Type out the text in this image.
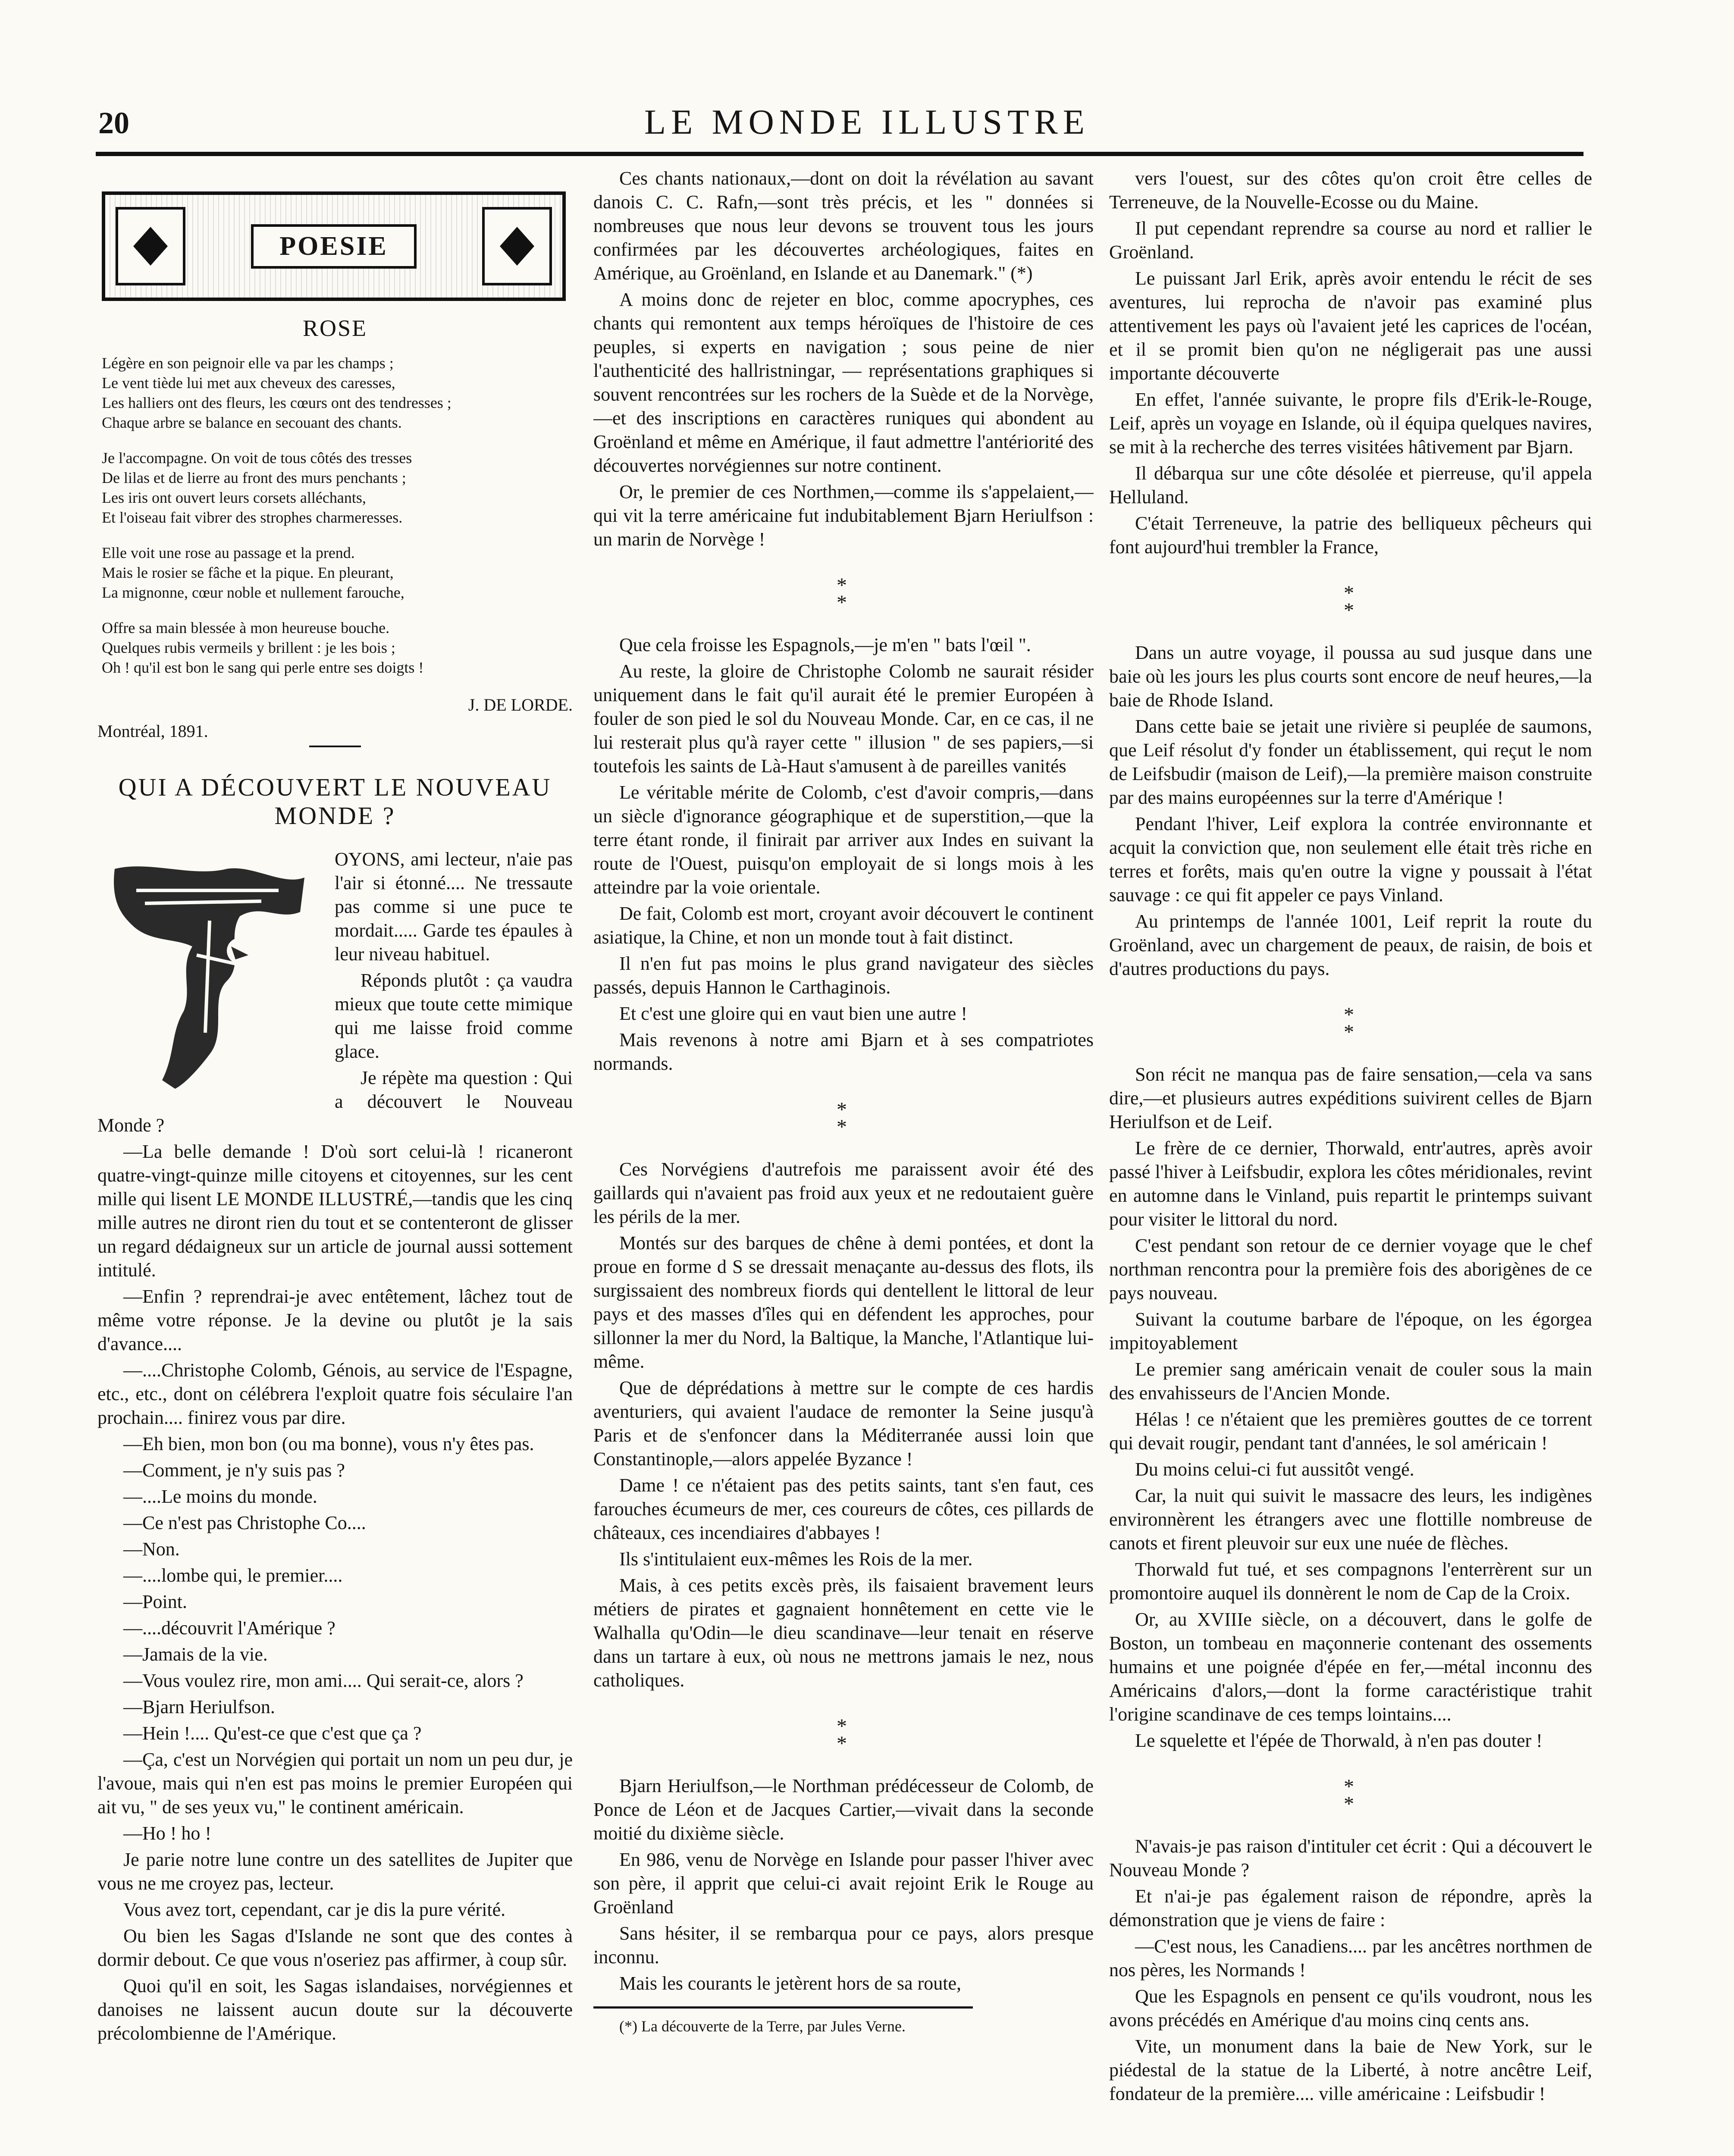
20	LE MONDE ILLUSTRE
POESIE
ROSE
Légère en son peignoir elle va par les champs ;
Le vent tiède lui met aux cheveux des caresses,
Les halliers ont des fleurs, les cœurs ont des tendresses ;
Chaque arbre se balance en secouant des chants.
Je l'accompagne. On voit de tous côtés des tresses
De lilas et de lierre au front des murs penchants ;
Les iris ont ouvert leurs corsets alléchants,
Et l'oiseau fait vibrer des strophes charmeresses.
Elle voit une rose au passage et la prend.
Mais le rosier se fâche et la pique. En pleurant,
La mignonne, cœur noble et nullement farouche,
Offre sa main blessée à mon heureuse bouche.
Quelques rubis vermeils y brillent : je les bois ;
Oh ! qu'il est bon le sang qui perle entre ses doigts !

J. DE LORDE.

Montréal, 1891.

QUI A DÉCOUVERT LE NOUVEAU MONDE ?

OYONS, ami lecteur, n'aie pas l'air si étonné.... Ne tressaute pas comme si une puce te mordait..... Garde tes épaules à leur niveau habituel.

Réponds plutôt : ça vaudra mieux que toute cette mimique qui me laisse froid comme glace.

Je répète ma question : Qui a découvert le Nouveau Monde ?

—La belle demande ! D'où sort celui-là ! ricaneront quatre-vingt-quinze mille citoyens et citoyennes, sur les cent mille qui lisent LE MONDE ILLUSTRÉ,—tandis que les cinq mille autres ne diront rien du tout et se contenteront de glisser un regard dédaigneux sur un article de journal aussi sottement intitulé.

—Enfin ? reprendrai-je avec entêtement, lâchez tout de même votre réponse. Je la devine ou plutôt je la sais d'avance....

—....Christophe Colomb, Génois, au service de l'Espagne, etc., etc., dont on célébrera l'exploit quatre fois séculaire l'an prochain.... finirez vous par dire.

—Eh bien, mon bon (ou ma bonne), vous n'y êtes pas.

—Comment, je n'y suis pas ?

—....Le moins du monde.

—Ce n'est pas Christophe Co....

—Non.

—....lombe qui, le premier....

—Point.

—....découvrit l'Amérique ?

—Jamais de la vie.

—Vous voulez rire, mon ami.... Qui serait-ce, alors ?

—Bjarn Heriulfson.

—Hein !.... Qu'est-ce que c'est que ça ?

—Ça, c'est un Norvégien qui portait un nom un peu dur, je l'avoue, mais qui n'en est pas moins le premier Européen qui ait vu, " de ses yeux vu," le continent américain.

—Ho ! ho !

Je parie notre lune contre un des satellites de Jupiter que vous ne me croyez pas, lecteur.

Vous avez tort, cependant, car je dis la pure vérité.

Ou bien les Sagas d'Islande ne sont que des contes à dormir debout. Ce que vous n'oseriez pas affirmer, à coup sûr.

Quoi qu'il en soit, les Sagas islandaises, norvégiennes et danoises ne laissent aucun doute sur la découverte précolombienne de l'Amérique.

Ces chants nationaux,—dont on doit la révélation au savant danois C. C. Rafn,—sont très précis, et les " données si nombreuses que nous leur devons se trouvent tous les jours confirmées par les découvertes archéologiques, faites en Amérique, au Groënland, en Islande et au Danemark." (*)

A moins donc de rejeter en bloc, comme apocryphes, ces chants qui remontent aux temps héroïques de l'histoire de ces peuples, si experts en navigation ; sous peine de nier l'authenticité des hallristningar, — représentations graphiques si souvent rencontrées sur les rochers de la Suède et de la Norvège,—et des inscriptions en caractères runiques qui abondent au Groënland et même en Amérique, il faut admettre l'antériorité des découvertes norvégiennes sur notre continent.

Or, le premier de ces Northmen,—comme ils s'appelaient,—qui vit la terre américaine fut indubitablement Bjarn Heriulfson : un marin de Norvège !

*
*

Que cela froisse les Espagnols,—je m'en " bats l'œil ".

Au reste, la gloire de Christophe Colomb ne saurait résider uniquement dans le fait qu'il aurait été le premier Européen à fouler de son pied le sol du Nouveau Monde. Car, en ce cas, il ne lui resterait plus qu'à rayer cette " illusion " de ses papiers,—si toutefois les saints de Là-Haut s'amusent à de pareilles vanités

Le véritable mérite de Colomb, c'est d'avoir compris,—dans un siècle d'ignorance géographique et de superstition,—que la terre étant ronde, il finirait par arriver aux Indes en suivant la route de l'Ouest, puisqu'on employait de si longs mois à les atteindre par la voie orientale.

De fait, Colomb est mort, croyant avoir découvert le continent asiatique, la Chine, et non un monde tout à fait distinct.

Il n'en fut pas moins le plus grand navigateur des siècles passés, depuis Hannon le Carthaginois.

Et c'est une gloire qui en vaut bien une autre !

Mais revenons à notre ami Bjarn et à ses compatriotes normands.

*
*

Ces Norvégiens d'autrefois me paraissent avoir été des gaillards qui n'avaient pas froid aux yeux et ne redoutaient guère les périls de la mer.

Montés sur des barques de chêne à demi pontées, et dont la proue en forme d S se dressait menaçante au-dessus des flots, ils surgissaient des nombreux fiords qui dentellent le littoral de leur pays et des masses d'îles qui en défendent les approches, pour sillonner la mer du Nord, la Baltique, la Manche, l'Atlantique lui-même.

Que de déprédations à mettre sur le compte de ces hardis aventuriers, qui avaient l'audace de remonter la Seine jusqu'à Paris et de s'enfoncer dans la Méditerranée aussi loin que Constantinople,—alors appelée Byzance !

Dame ! ce n'étaient pas des petits saints, tant s'en faut, ces farouches écumeurs de mer, ces coureurs de côtes, ces pillards de châteaux, ces incendiaires d'abbayes !

Ils s'intitulaient eux-mêmes les Rois de la mer.

Mais, à ces petits excès près, ils faisaient bravement leurs métiers de pirates et gagnaient honnêtement en cette vie le Walhalla qu'Odin—le dieu scandinave—leur tenait en réserve dans un tartare à eux, où nous ne mettrons jamais le nez, nous catholiques.

*
*

Bjarn Heriulfson,—le Northman prédécesseur de Colomb, de Ponce de Léon et de Jacques Cartier,—vivait dans la seconde moitié du dixième siècle.

En 986, venu de Norvège en Islande pour passer l'hiver avec son père, il apprit que celui-ci avait rejoint Erik le Rouge au Groënland

Sans hésiter, il se rembarqua pour ce pays, alors presque inconnu.

Mais les courants le jetèrent hors de sa route,

(*) La découverte de la Terre, par Jules Verne.

vers l'ouest, sur des côtes qu'on croit être celles de Terreneuve, de la Nouvelle-Ecosse ou du Maine.

Il put cependant reprendre sa course au nord et rallier le Groënland.

Le puissant Jarl Erik, après avoir entendu le récit de ses aventures, lui reprocha de n'avoir pas examiné plus attentivement les pays où l'avaient jeté les caprices de l'océan, et il se promit bien qu'on ne négligerait pas une aussi importante découverte

En effet, l'année suivante, le propre fils d'Erik-le-Rouge, Leif, après un voyage en Islande, où il équipa quelques navires, se mit à la recherche des terres visitées hâtivement par Bjarn.

Il débarqua sur une côte désolée et pierreuse, qu'il appela Helluland.

C'était Terreneuve, la patrie des belliqueux pêcheurs qui font aujourd'hui trembler la France,

*
*

Dans un autre voyage, il poussa au sud jusque dans une baie où les jours les plus courts sont encore de neuf heures,—la baie de Rhode Island.

Dans cette baie se jetait une rivière si peuplée de saumons, que Leif résolut d'y fonder un établissement, qui reçut le nom de Leifsbudir (maison de Leif),—la première maison construite par des mains européennes sur la terre d'Amérique !

Pendant l'hiver, Leif explora la contrée environnante et acquit la conviction que, non seulement elle était très riche en terres et forêts, mais qu'en outre la vigne y poussait à l'état sauvage : ce qui fit appeler ce pays Vinland.

Au printemps de l'année 1001, Leif reprit la route du Groënland, avec un chargement de peaux, de raisin, de bois et d'autres productions du pays.

*
*

Son récit ne manqua pas de faire sensation,—cela va sans dire,—et plusieurs autres expéditions suivirent celles de Bjarn Heriulfson et de Leif.

Le frère de ce dernier, Thorwald, entr'autres, après avoir passé l'hiver à Leifsbudir, explora les côtes méridionales, revint en automne dans le Vinland, puis repartit le printemps suivant pour visiter le littoral du nord.

C'est pendant son retour de ce dernier voyage que le chef northman rencontra pour la première fois des aborigènes de ce pays nouveau.

Suivant la coutume barbare de l'époque, on les égorgea impitoyablement

Le premier sang américain venait de couler sous la main des envahisseurs de l'Ancien Monde.

Hélas ! ce n'étaient que les premières gouttes de ce torrent qui devait rougir, pendant tant d'années, le sol américain !

Du moins celui-ci fut aussitôt vengé.

Car, la nuit qui suivit le massacre des leurs, les indigènes environnèrent les étrangers avec une flottille nombreuse de canots et firent pleuvoir sur eux une nuée de flèches.

Thorwald fut tué, et ses compagnons l'enterrèrent sur un promontoire auquel ils donnèrent le nom de Cap de la Croix.

Or, au XVIIIe siècle, on a découvert, dans le golfe de Boston, un tombeau en maçonnerie contenant des ossements humains et une poignée d'épée en fer,—métal inconnu des Américains d'alors,—dont la forme caractéristique trahit l'origine scandinave de ces temps lointains....

Le squelette et l'épée de Thorwald, à n'en pas douter !

*
*

N'avais-je pas raison d'intituler cet écrit : Qui a découvert le Nouveau Monde ?

Et n'ai-je pas également raison de répondre, après la démonstration que je viens de faire :

—C'est nous, les Canadiens.... par les ancêtres northmen de nos pères, les Normands !

Que les Espagnols en pensent ce qu'ils voudront, nous les avons précédés en Amérique d'au moins cinq cents ans.

Vite, un monument dans la baie de New York, sur le piédestal de la statue de la Liberté, à notre ancêtre Leif, fondateur de la première.... ville américaine : Leifsbudir !
